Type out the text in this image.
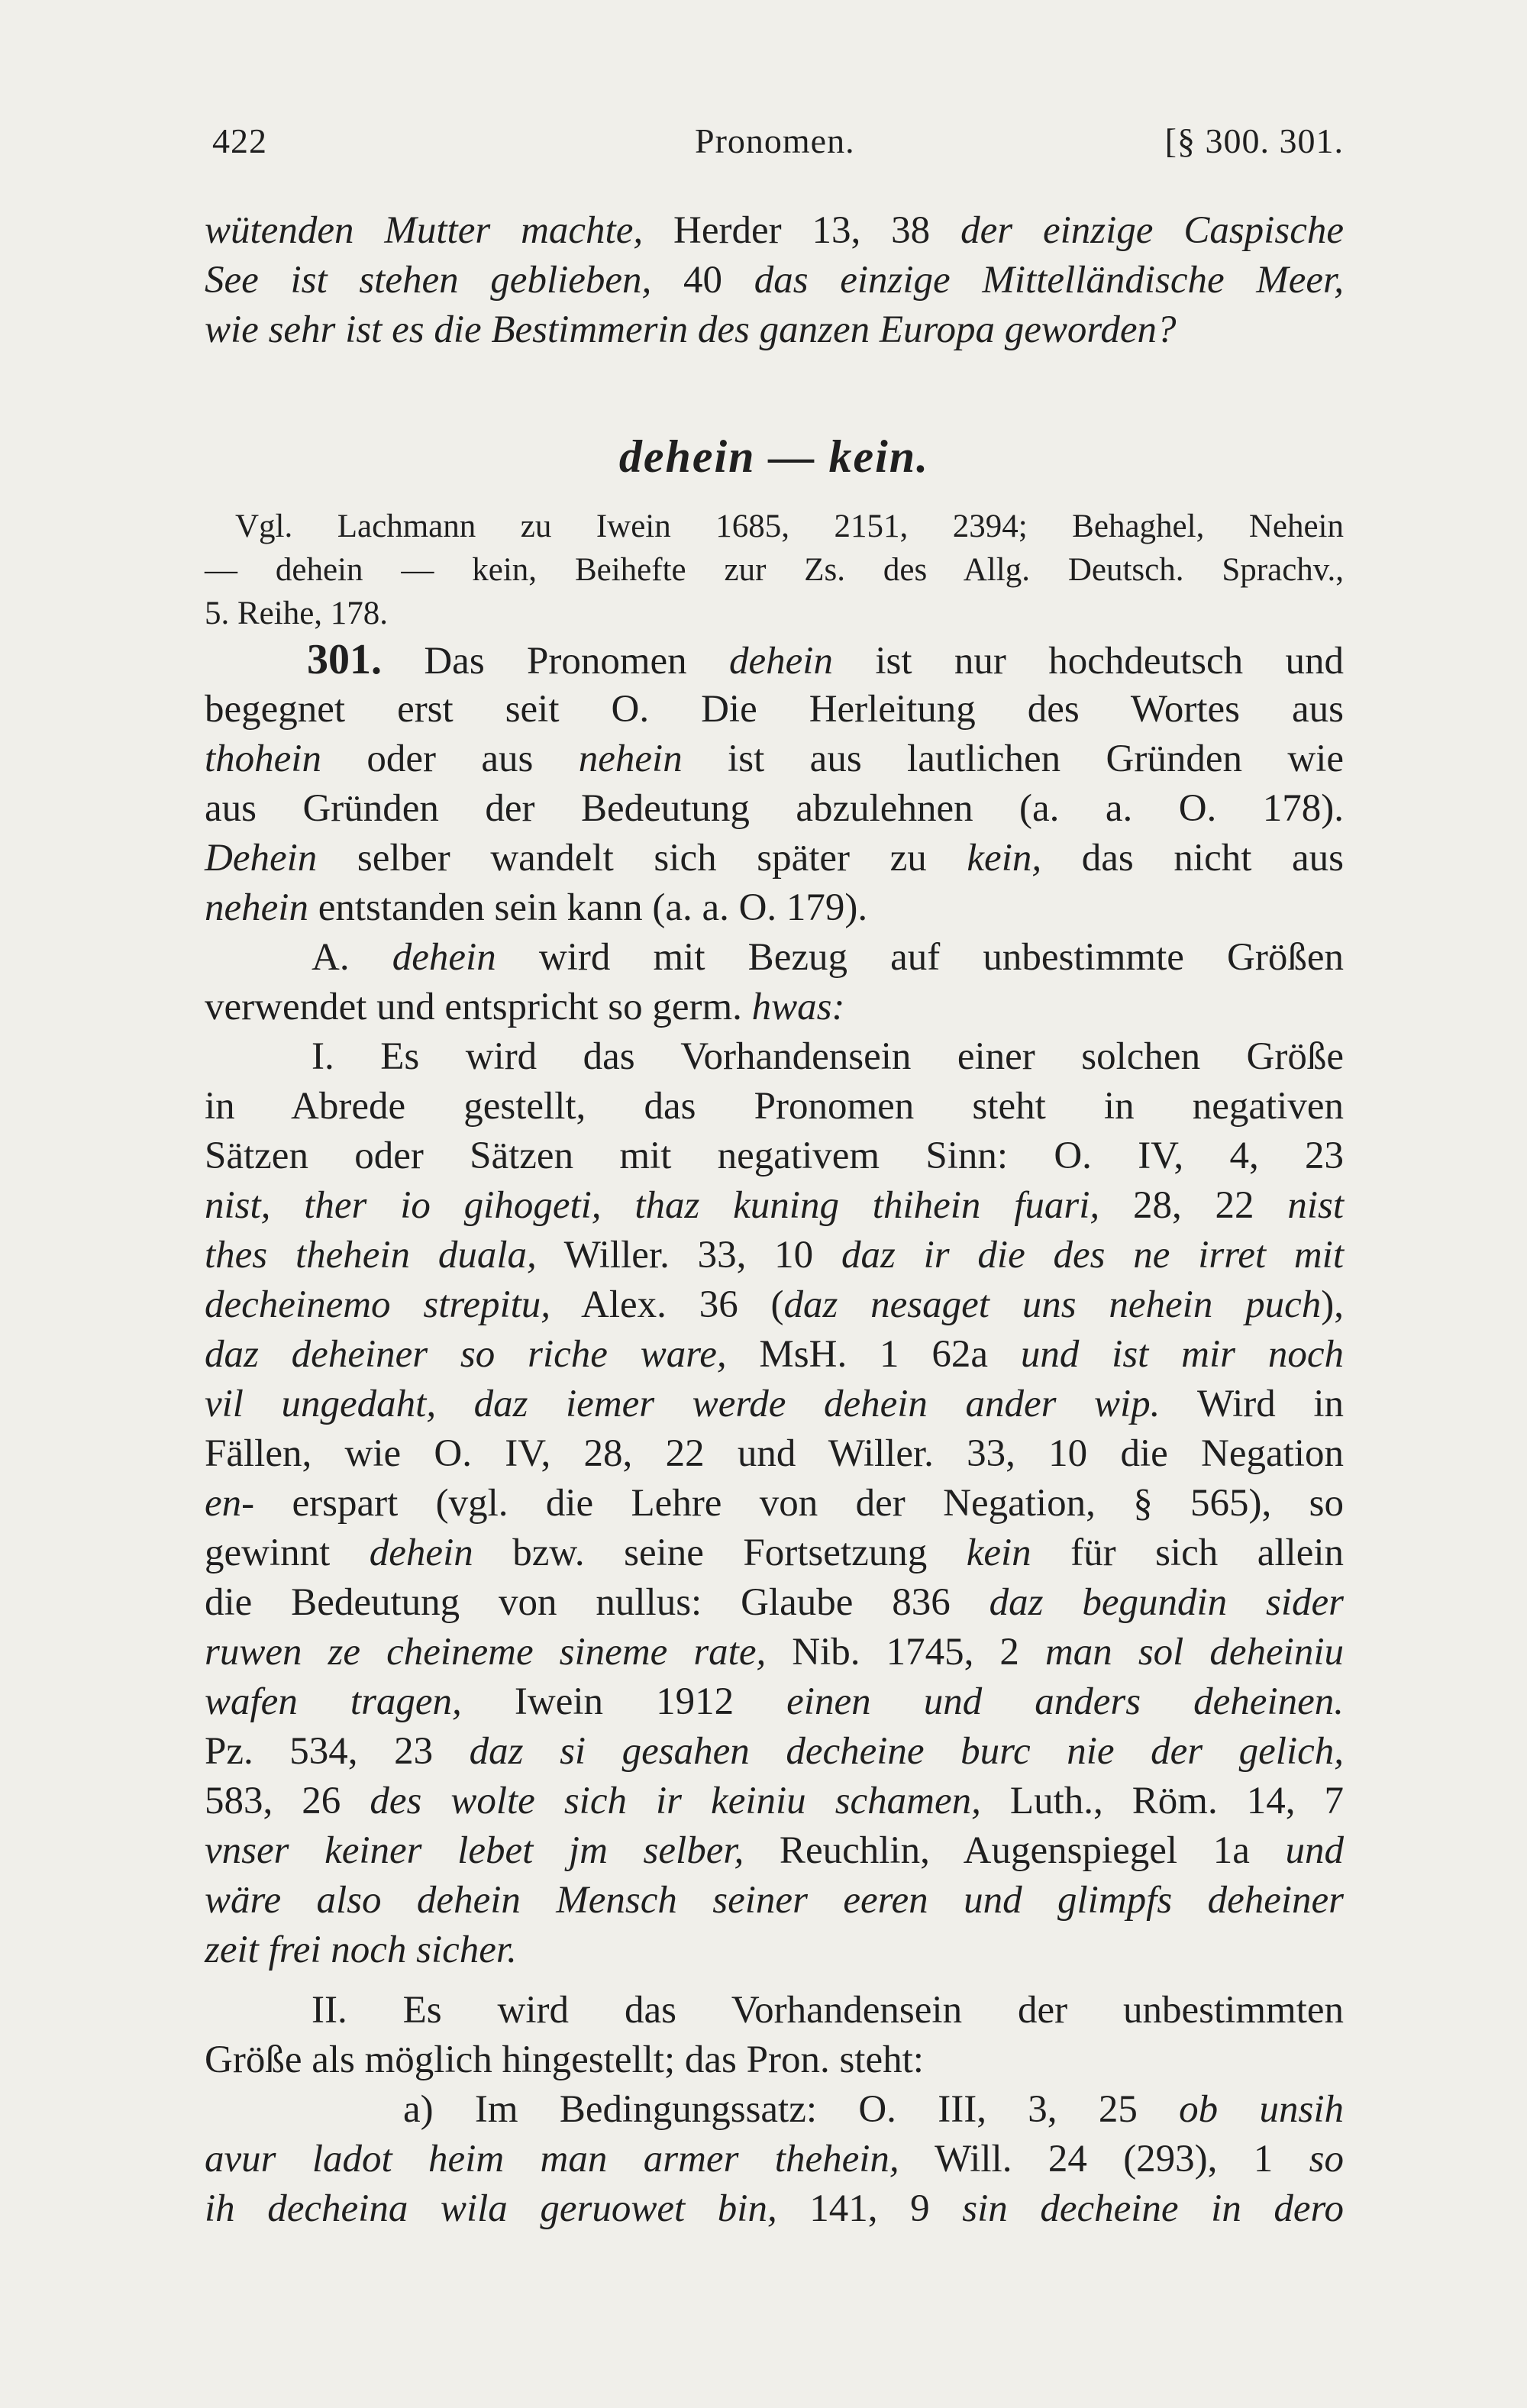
422	Pronomen.	[§ 300. 301.

wütenden Mutter machte, Herder 13, 38 der einzige Caspische
See ist stehen geblieben, 40 das einzige Mittelländische Meer,
wie sehr ist es die Bestimmerin des ganzen Europa geworden?

dehein — kein.

Vgl. Lachmann zu Iwein 1685, 2151, 2394; Behaghel, Nehein
— dehein — kein, Beihefte zur Zs. des Allg. Deutsch. Sprachv.,
5. Reihe, 178.

301. Das Pronomen dehein ist nur hochdeutsch und
begegnet erst seit O. Die Herleitung des Wortes aus
thohein oder aus nehein ist aus lautlichen Gründen wie
aus Gründen der Bedeutung abzulehnen (a. a. O. 178).
Dehein selber wandelt sich später zu kein, das nicht aus
nehein entstanden sein kann (a. a. O. 179).

A. dehein wird mit Bezug auf unbestimmte Größen
verwendet und entspricht so germ. hwas:

I. Es wird das Vorhandensein einer solchen Größe
in Abrede gestellt, das Pronomen steht in negativen
Sätzen oder Sätzen mit negativem Sinn: O. IV, 4, 23
nist, ther io gihogeti, thaz kuning thihein fuari, 28, 22 nist
thes thehein duala, Willer. 33, 10 daz ir die des ne irret mit
decheinemo strepitu, Alex. 36 (daz nesaget uns nehein puch),
daz deheiner so riche ware, MsH. 1 62a und ist mir noch
vil ungedaht, daz iemer werde dehein ander wip. Wird in
Fällen, wie O. IV, 28, 22 und Willer. 33, 10 die Negation
en- erspart (vgl. die Lehre von der Negation, § 565), so
gewinnt dehein bzw. seine Fortsetzung kein für sich allein
die Bedeutung von nullus: Glaube 836 daz begundin sider
ruwen ze cheineme sineme rate, Nib. 1745, 2 man sol deheiniu
wafen tragen, Iwein 1912 einen und anders deheinen.
Pz. 534, 23 daz si gesahen decheine burc nie der gelich,
583, 26 des wolte sich ir keiniu schamen, Luth., Röm. 14, 7
vnser keiner lebet jm selber, Reuchlin, Augenspiegel 1a und
wäre also dehein Mensch seiner eeren und glimpfs deheiner
zeit frei noch sicher.

II. Es wird das Vorhandensein der unbestimmten
Größe als möglich hingestellt; das Pron. steht:
a) Im Bedingungssatz: O. III, 3, 25 ob unsih
avur ladot heim man armer thehein, Will. 24 (293), 1 so
ih decheina wila geruowet bin, 141, 9 sin decheine in dero
